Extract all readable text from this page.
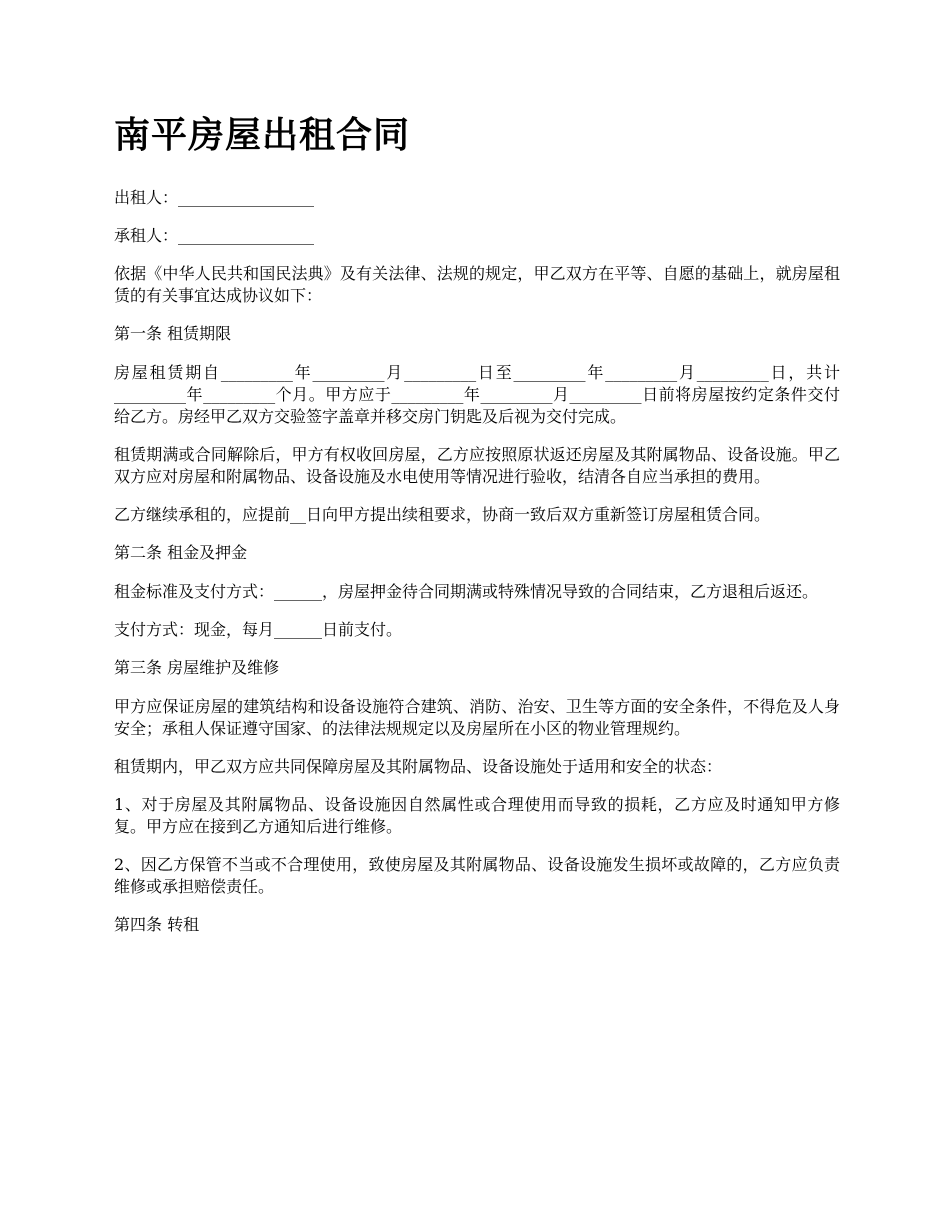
南平房屋出租合同

出租人：_________________

承租人：_________________

依据《中华人民共和国民法典》及有关法律、法规的规定，甲乙双方在平等、自愿的基础上，就房屋租赁的有关事宜达成协议如下：

第一条 租赁期限

房屋租赁期自_________年_________月_________日至_________年_________月_________日，共计_________年_________个月。甲方应于_________年_________月_________日前将房屋按约定条件交付给乙方。房经甲乙双方交验签字盖章并移交房门钥匙及后视为交付完成。

租赁期满或合同解除后，甲方有权收回房屋，乙方应按照原状返还房屋及其附属物品、设备设施。甲乙双方应对房屋和附属物品、设备设施及水电使用等情况进行验收，结清各自应当承担的费用。

乙方继续承租的，应提前__日向甲方提出续租要求，协商一致后双方重新签订房屋租赁合同。

第二条 租金及押金

租金标准及支付方式：______，房屋押金待合同期满或特殊情况导致的合同结束，乙方退租后返还。

支付方式：现金，每月______日前支付。

第三条 房屋维护及维修

甲方应保证房屋的建筑结构和设备设施符合建筑、消防、治安、卫生等方面的安全条件，不得危及人身安全；承租人保证遵守国家、的法律法规规定以及房屋所在小区的物业管理规约。

租赁期内，甲乙双方应共同保障房屋及其附属物品、设备设施处于适用和安全的状态：

1、对于房屋及其附属物品、设备设施因自然属性或合理使用而导致的损耗，乙方应及时通知甲方修复。甲方应在接到乙方通知后进行维修。

2、因乙方保管不当或不合理使用，致使房屋及其附属物品、设备设施发生损坏或故障的，乙方应负责维修或承担赔偿责任。

第四条 转租
